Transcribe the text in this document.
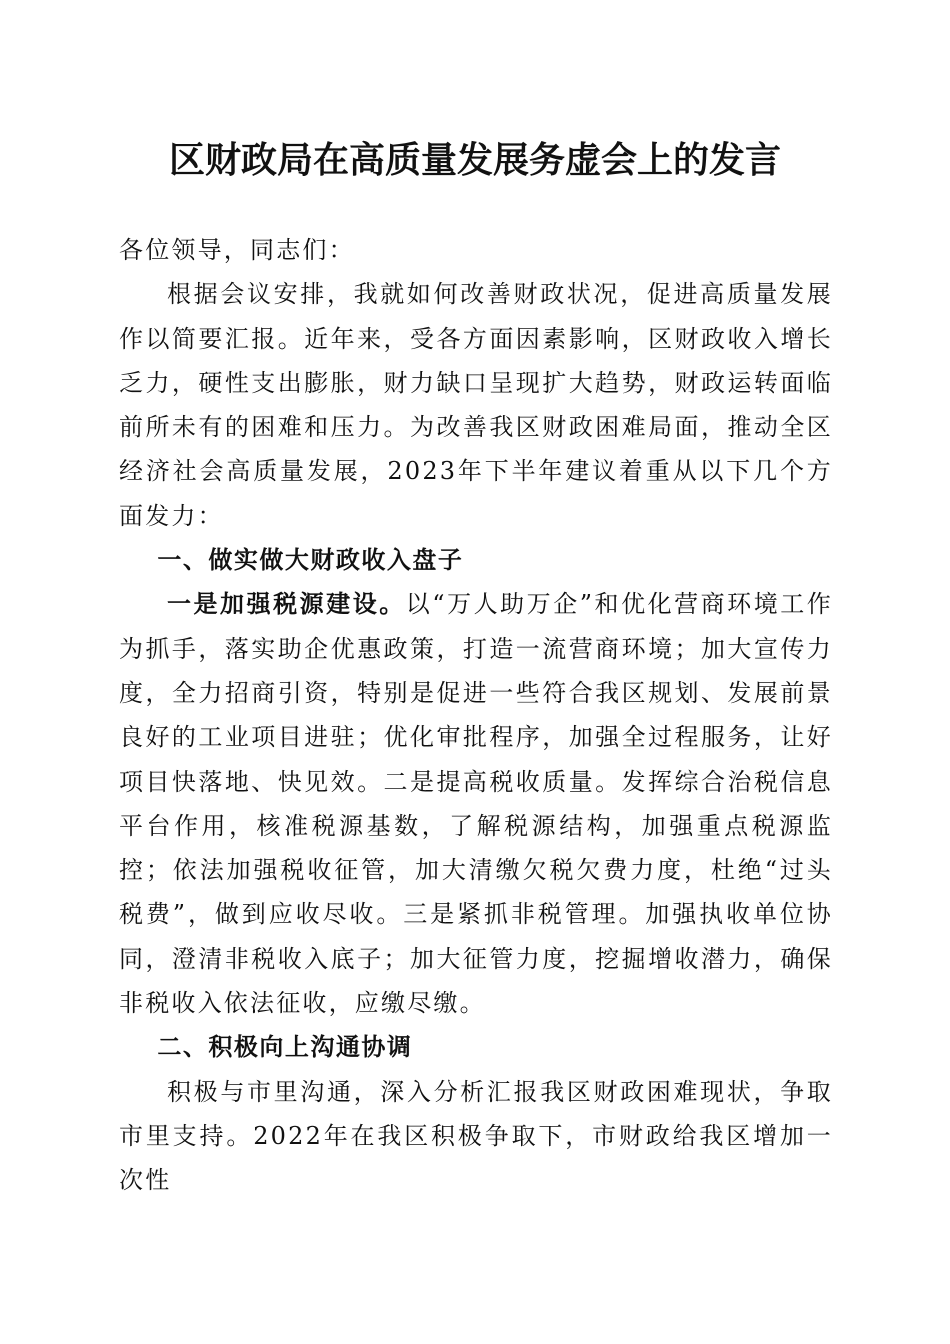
区财政局在高质量发展务虚会上的发言

各位领导，同志们：

根据会议安排，我就如何改善财政状况，促进高质量发展作以简要汇报。近年来，受各方面因素影响，区财政收入增长乏力，硬性支出膨胀，财力缺口呈现扩大趋势，财政运转面临前所未有的困难和压力。为改善我区财政困难局面，推动全区经济社会高质量发展，2023年下半年建议着重从以下几个方面发力：

一、做实做大财政收入盘子

一是加强税源建设。以“万人助万企”和优化营商环境工作为抓手，落实助企优惠政策，打造一流营商环境；加大宣传力度，全力招商引资，特别是促进一些符合我区规划、发展前景良好的工业项目进驻；优化审批程序，加强全过程服务，让好项目快落地、快见效。二是提高税收质量。发挥综合治税信息平台作用，核准税源基数，了解税源结构，加强重点税源监控；依法加强税收征管，加大清缴欠税欠费力度，杜绝“过头税费”，做到应收尽收。三是紧抓非税管理。加强执收单位协同，澄清非税收入底子；加大征管力度，挖掘增收潜力，确保非税收入依法征收，应缴尽缴。

二、积极向上沟通协调

积极与市里沟通，深入分析汇报我区财政困难现状，争取市里支持。2022年在我区积极争取下，市财政给我区增加一次性
